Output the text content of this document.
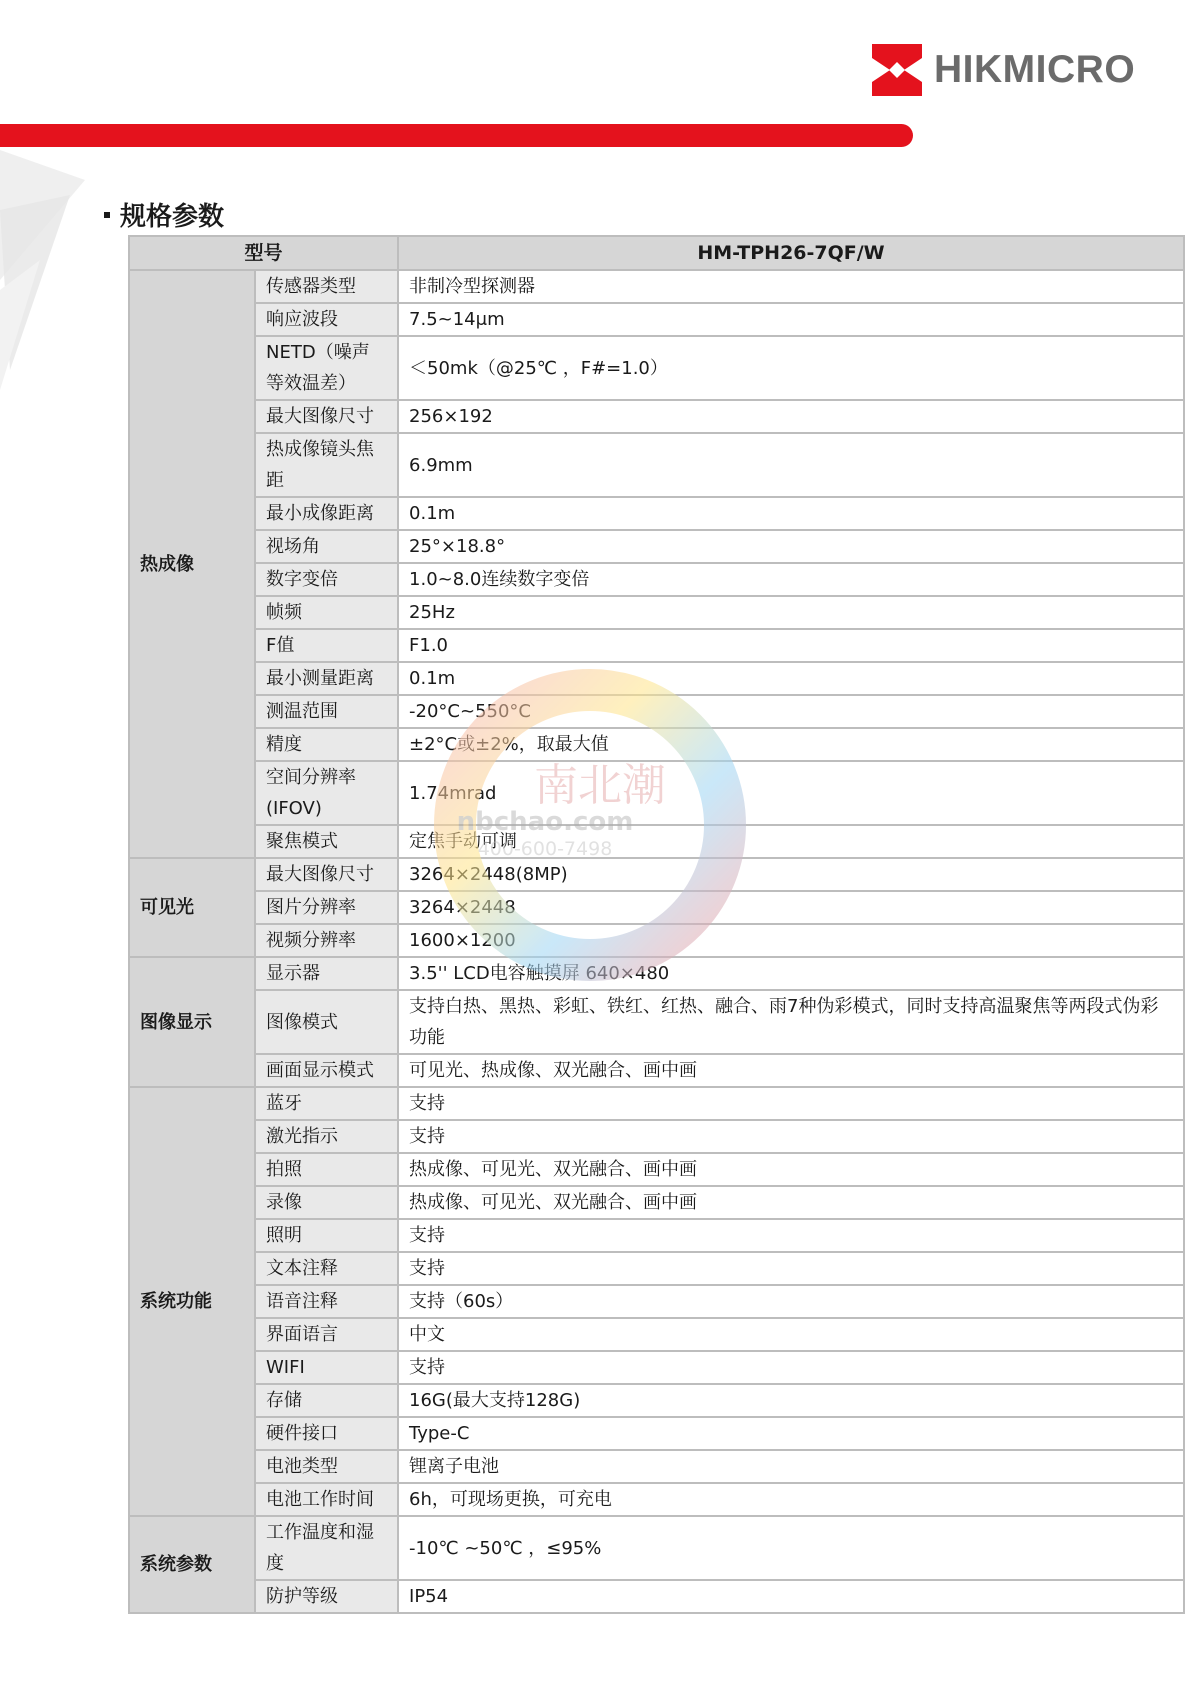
HIKMICRO
规格参数
型号		HM-TPH26-7QF/W
热成像	传感器类型	非制冷型探测器
	响应波段	7.5~14μm
	NETD（噪声等效温差）	＜50mk（@25℃ ，F#=1.0）
	最大图像尺寸	256×192
	热成像镜头焦距	6.9mm
	最小成像距离	0.1m
	视场角	25°×18.8°
	数字变倍	1.0~8.0连续数字变倍
	帧频	25Hz
	F值	F1.0
	最小测量距离	0.1m
	测温范围	-20°C~550°C
	精度	±2°C或±2%，取最大值
	空间分辨率(IFOV)	1.74mrad
	聚焦模式	定焦手动可调
可见光	最大图像尺寸	3264×2448(8MP)
	图片分辨率	3264×2448
	视频分辨率	1600×1200
图像显示	显示器	3.5'' LCD电容触摸屏 640×480
	图像模式	支持白热、黑热、彩虹、铁红、红热、融合、雨7种伪彩模式，同时支持高温聚焦等两段式伪彩功能
	画面显示模式	可见光、热成像、双光融合、画中画
系统功能	蓝牙	支持
	激光指示	支持
	拍照	热成像、可见光、双光融合、画中画
	录像	热成像、可见光、双光融合、画中画
	照明	支持
	文本注释	支持
	语音注释	支持（60s）
	界面语言	中文
	WIFI	支持
	存储	16G(最大支持128G)
	硬件接口	Type-C
	电池类型	锂离子电池
	电池工作时间	6h，可现场更换，可充电
系统参数	工作温度和湿度	-10℃ ~50℃ ，≤95%
	防护等级	IP54
南北潮
nbchao.com
400-600-7498
